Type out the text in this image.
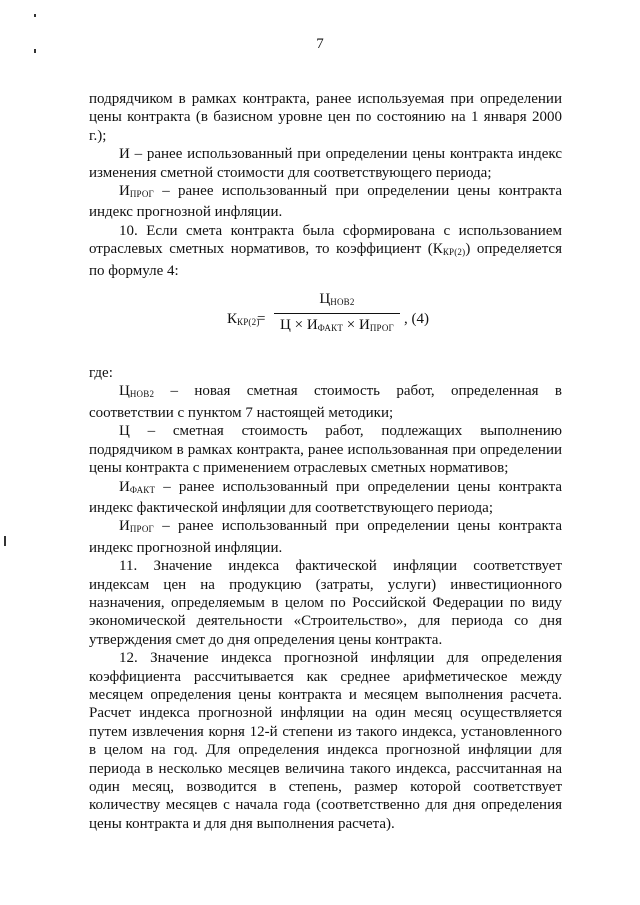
7

подрядчиком в рамках контракта, ранее используемая при определении цены контракта (в базисном уровне цен по состоянию на 1 января 2000 г.);

И – ранее использованный при определении цены контракта индекс изменения сметной стоимости для соответствующего периода;

$И_{ПРОГ}$ – ранее использованный при определении цены контракта индекс прогнозной инфляции.

10. Если смета контракта была сформирована с использованием отраслевых сметных нормативов, то коэффициент $(К_{КР(2)})$ определяется по формуле 4:

$К_{КР(2)}$
=
$Ц_{НОВ2}$
$Ц \times И_{ФАКТ} \times И_{ПРОГ}$
, (4)

где:

$Ц_{НОВ2}$ – новая сметная стоимость работ, определенная в соответствии с пунктом 7 настоящей методики;

Ц – сметная стоимость работ, подлежащих выполнению подрядчиком в рамках контракта, ранее использованная при определении цены контракта с применением отраслевых сметных нормативов;

$И_{ФАКТ}$ – ранее использованный при определении цены контракта индекс фактической инфляции для соответствующего периода;

$И_{ПРОГ}$ – ранее использованный при определении цены контракта индекс прогнозной инфляции.

11. Значение индекса фактической инфляции соответствует индексам цен на продукцию (затраты, услуги) инвестиционного назначения, определяемым в целом по Российской Федерации по виду экономической деятельности «Строительство», для периода со дня утверждения смет до дня определения цены контракта.

12. Значение индекса прогнозной инфляции для определения коэффициента рассчитывается как среднее арифметическое между месяцем определения цены контракта и месяцем выполнения расчета. Расчет индекса прогнозной инфляции на один месяц осуществляется путем извлечения корня 12-й степени из такого индекса, установленного в целом на год. Для определения индекса прогнозной инфляции для периода в несколько месяцев величина такого индекса, рассчитанная на один месяц, возводится в степень, размер которой соответствует количеству месяцев с начала года (соответственно для дня определения цены контракта и для дня выполнения расчета).
